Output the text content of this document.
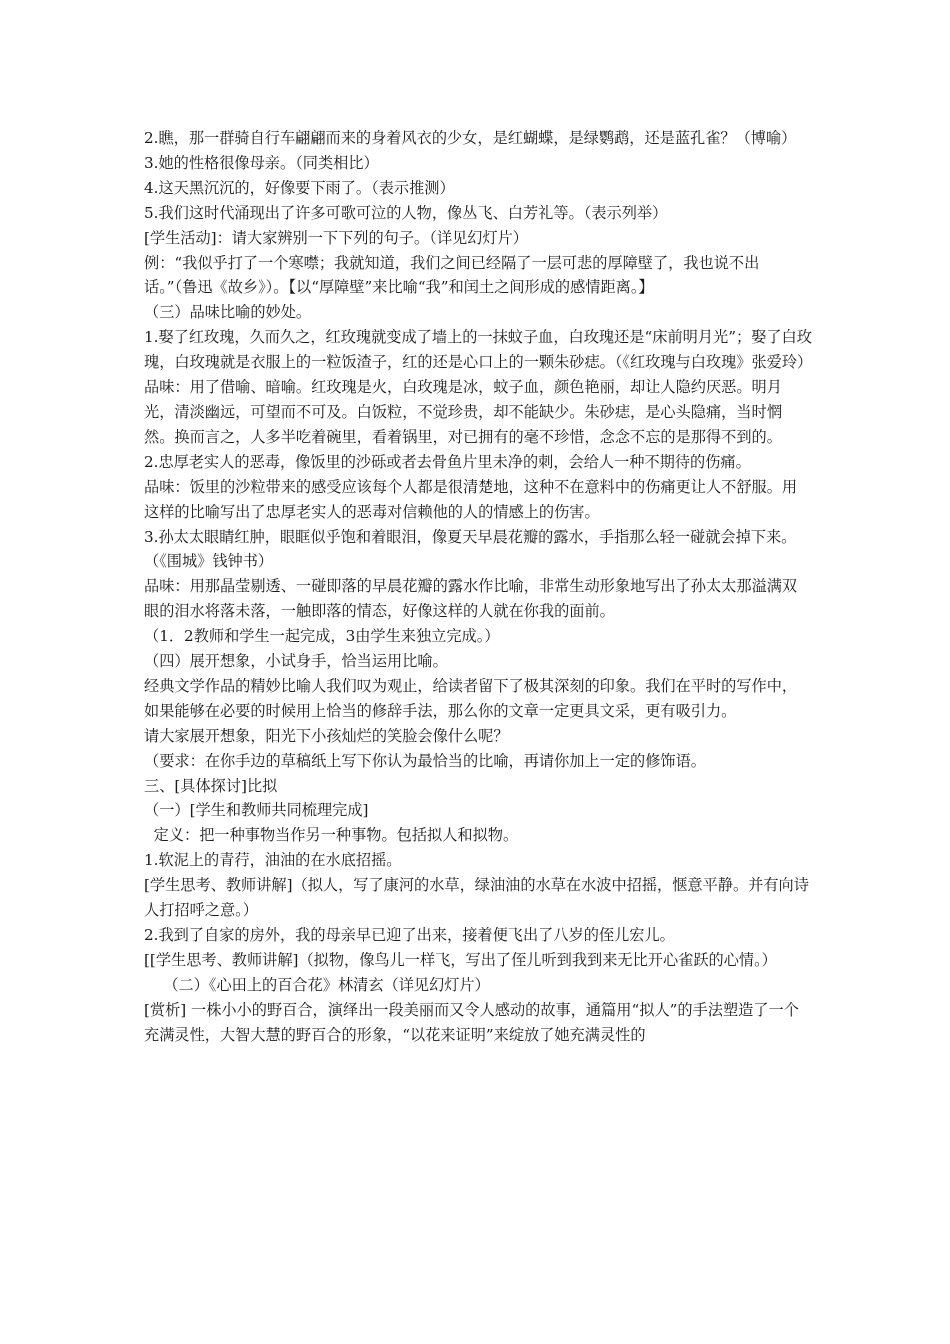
2.瞧，那一群骑自行车翩翩而来的身着风衣的少女，是红蝴蝶，是绿鹦鹉，还是蓝孔雀？（博喻）

3.她的性格很像母亲。（同类相比）

4.这天黑沉沉的，好像要下雨了。（表示推测）

5.我们这时代涌现出了许多可歌可泣的人物，像丛飞、白芳礼等。（表示列举）

[学生活动]：请大家辨别一下下列的句子。（详见幻灯片）

例：“我似乎打了一个寒噤；我就知道，我们之间已经隔了一层可悲的厚障壁了，我也说不出话。”（鲁迅《故乡》）。【以“厚障壁”来比喻“我”和闰土之间形成的感情距离。】

（三）品味比喻的妙处。

1.娶了红玫瑰，久而久之，红玫瑰就变成了墙上的一抹蚊子血，白玫瑰还是“床前明月光”；娶了白玫瑰，白玫瑰就是衣服上的一粒饭渣子，红的还是心口上的一颗朱砂痣。（《红玫瑰与白玫瑰》张爱玲）

品味：用了借喻、暗喻。红玫瑰是火，白玫瑰是冰，蚊子血，颜色艳丽，却让人隐约厌恶。明月光，清淡幽远，可望而不可及。白饭粒，不觉珍贵，却不能缺少。朱砂痣，是心头隐痛，当时惘然。换而言之，人多半吃着碗里，看着锅里，对已拥有的毫不珍惜，念念不忘的是那得不到的。

2.忠厚老实人的恶毒，像饭里的沙砾或者去骨鱼片里未净的刺，会给人一种不期待的伤痛。

品味：饭里的沙粒带来的感受应该每个人都是很清楚地，这种不在意料中的伤痛更让人不舒服。用这样的比喻写出了忠厚老实人的恶毒对信赖他的人的情感上的伤害。

3.孙太太眼睛红肿，眼眶似乎饱和着眼泪，像夏天早晨花瓣的露水，手指那么轻一碰就会掉下来。（《围城》钱钟书）

品味：用那晶莹剔透、一碰即落的早晨花瓣的露水作比喻，非常生动形象地写出了孙太太那溢满双眼的泪水将落未落，一触即落的情态，好像这样的人就在你我的面前。

（1．2教师和学生一起完成，3由学生来独立完成。）

（四）展开想象，小试身手，恰当运用比喻。

经典文学作品的精妙比喻人我们叹为观止，给读者留下了极其深刻的印象。我们在平时的写作中，如果能够在必要的时候用上恰当的修辞手法，那么你的文章一定更具文采，更有吸引力。

请大家展开想象，阳光下小孩灿烂的笑脸会像什么呢？

（要求：在你手边的草稿纸上写下你认为最恰当的比喻，再请你加上一定的修饰语。

三、[具体探讨]比拟

（一）[学生和教师共同梳理完成]

定义：把一种事物当作另一种事物。包括拟人和拟物。

1.软泥上的青荇，油油的在水底招摇。

[学生思考、教师讲解]（拟人，写了康河的水草，绿油油的水草在水波中招摇，惬意平静。并有向诗人打招呼之意。）

2.我到了自家的房外，我的母亲早已迎了出来，接着便飞出了八岁的侄儿宏儿。

[[学生思考、教师讲解]（拟物，像鸟儿一样飞，写出了侄儿听到我到来无比开心雀跃的心情。）

（二）《心田上的百合花》林清玄（详见幻灯片）

[赏析] 一株小小的野百合，演绎出一段美丽而又令人感动的故事，通篇用“拟人”的手法塑造了一个充满灵性，大智大慧的野百合的形象，“以花来证明”来绽放了她充满灵性的
